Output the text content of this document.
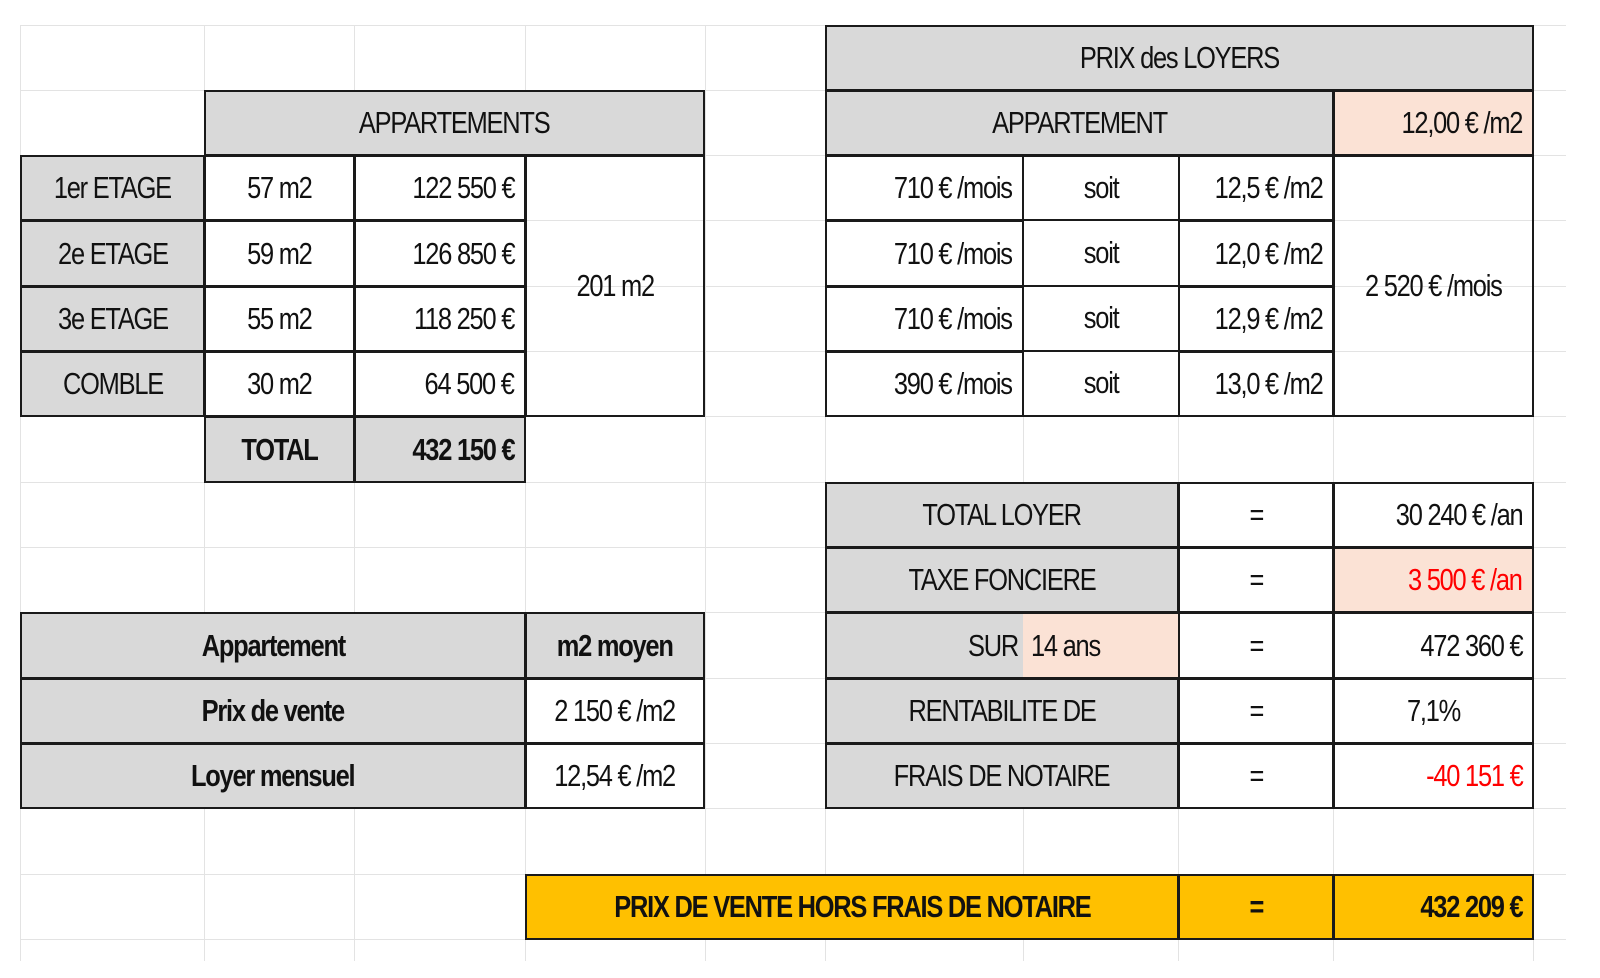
APPARTEMENTS
1er ETAGE 57 m2	122 550 €
2e ETAGE	59 m2	126 850 €
3e ETAGE	55 m2	118 250 €
COMBLE	30 m2	64 500 €
201 m2
TOTAL	432 150 €
PRIX des LOYERS
APPARTEMENT	12,00 € /m2
710 € /mois soit	12,5 € /m2
710 € /mois soit	12,0 € /m2
710 € /mois soit	12,9 € /m2
390 € /mois soit	13,0 € /m2
2 520 € /mois
TOTAL LOYER	=	30 240 € /an
TAXE FONCIERE	=	3 500 € /an
SUR 14 ans	=	472 360 €
RENTABILITE DE	=	7,1%
FRAIS DE NOTAIRE	=	-40 151 €
Appartement	m2 moyen
Prix de vente	2 150 € /m2
Loyer mensuel	12,54 € /m2
PRIX DE VENTE HORS FRAIS DE NOTAIRE	=	432 209 €
